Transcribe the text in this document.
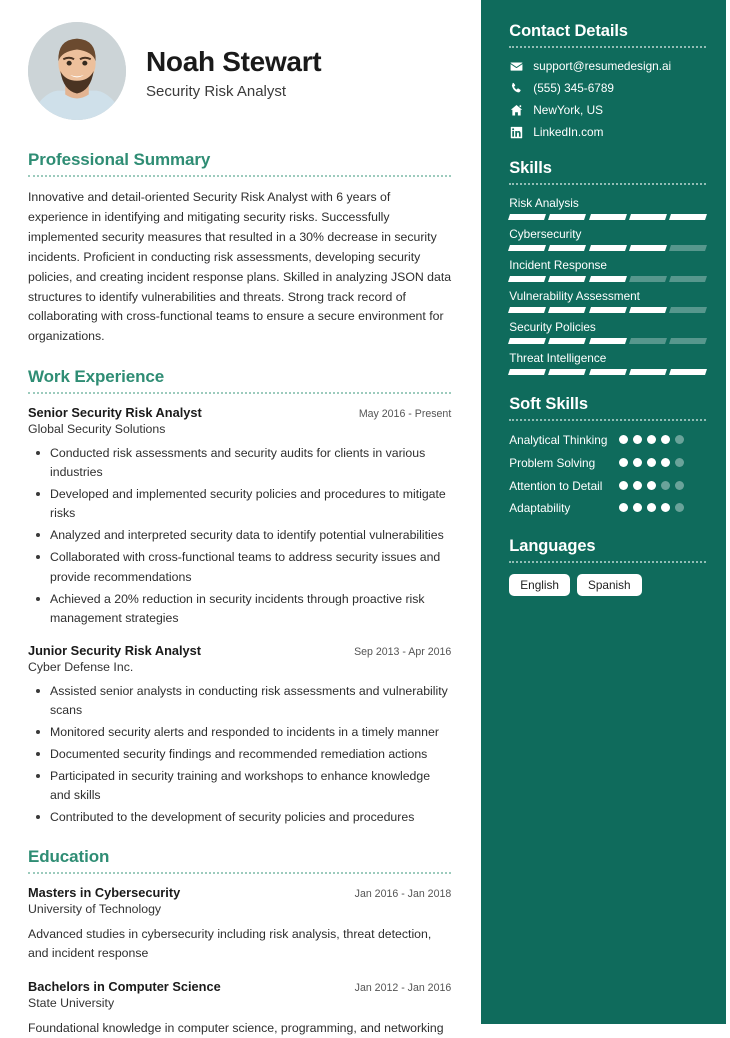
Noah Stewart
Security Risk Analyst
Professional Summary
Innovative and detail-oriented Security Risk Analyst with 6 years of experience in identifying and mitigating security risks. Successfully implemented security measures that resulted in a 30% decrease in security incidents. Proficient in conducting risk assessments, developing security policies, and creating incident response plans. Skilled in analyzing JSON data structures to identify vulnerabilities and threats. Strong track record of collaborating with cross-functional teams to ensure a secure environment for organizations.
Work Experience
Senior Security Risk Analyst	May 2016 - Present
Global Security Solutions
Conducted risk assessments and security audits for clients in various industries
Developed and implemented security policies and procedures to mitigate risks
Analyzed and interpreted security data to identify potential vulnerabilities
Collaborated with cross-functional teams to address security issues and provide recommendations
Achieved a 20% reduction in security incidents through proactive risk management strategies
Junior Security Risk Analyst	Sep 2013 - Apr 2016
Cyber Defense Inc.
Assisted senior analysts in conducting risk assessments and vulnerability scans
Monitored security alerts and responded to incidents in a timely manner
Documented security findings and recommended remediation actions
Participated in security training and workshops to enhance knowledge and skills
Contributed to the development of security policies and procedures
Education
Masters in Cybersecurity	Jan 2016 - Jan 2018
University of Technology
Advanced studies in cybersecurity including risk analysis, threat detection, and incident response
Bachelors in Computer Science	Jan 2012 - Jan 2016
State University
Foundational knowledge in computer science, programming, and networking
Contact Details
support@resumedesign.ai
(555) 345-6789
NewYork, US
LinkedIn.com
Skills
Risk Analysis
Cybersecurity
Incident Response
Vulnerability Assessment
Security Policies
Threat Intelligence
Soft Skills
Analytical Thinking
Problem Solving
Attention to Detail
Adaptability
Languages
English	Spanish
